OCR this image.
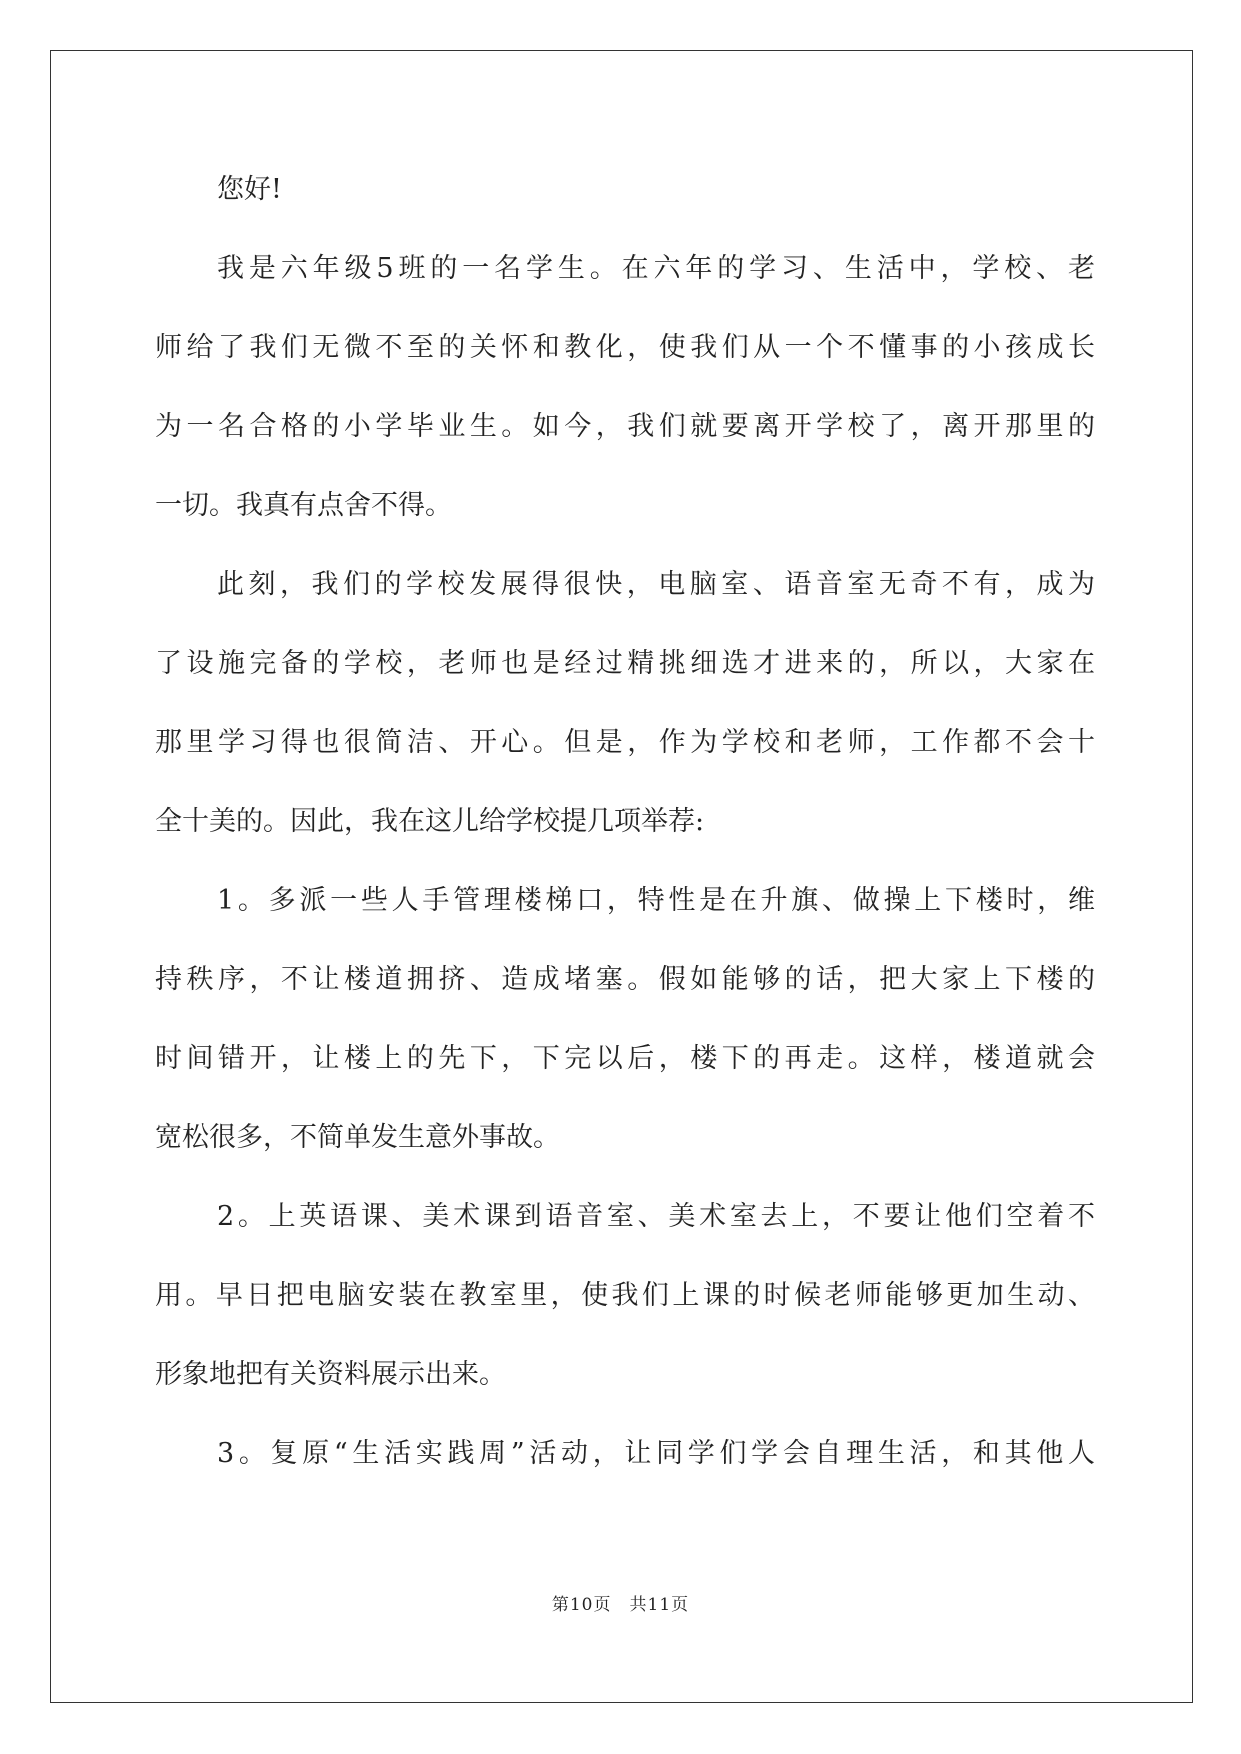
您好!
我是六年级5班的一名学生。在六年的学习、生活中，学校、老
师给了我们无微不至的关怀和教化，使我们从一个不懂事的小孩成长
为一名合格的小学毕业生。如今，我们就要离开学校了，离开那里的
一切。我真有点舍不得。
此刻，我们的学校发展得很快，电脑室、语音室无奇不有，成为
了设施完备的学校，老师也是经过精挑细选才进来的，所以，大家在
那里学习得也很简洁、开心。但是，作为学校和老师，工作都不会十
全十美的。因此，我在这儿给学校提几项举荐:
1。多派一些人手管理楼梯口，特性是在升旗、做操上下楼时，维
持秩序，不让楼道拥挤、造成堵塞。假如能够的话，把大家上下楼的
时间错开，让楼上的先下，下完以后，楼下的再走。这样，楼道就会
宽松很多，不简单发生意外事故。
2。上英语课、美术课到语音室、美术室去上，不要让他们空着不
用。早日把电脑安装在教室里，使我们上课的时候老师能够更加生动、
形象地把有关资料展示出来。
3。复原“生活实践周”活动，让同学们学会自理生活，和其他人
第10页 共11页
